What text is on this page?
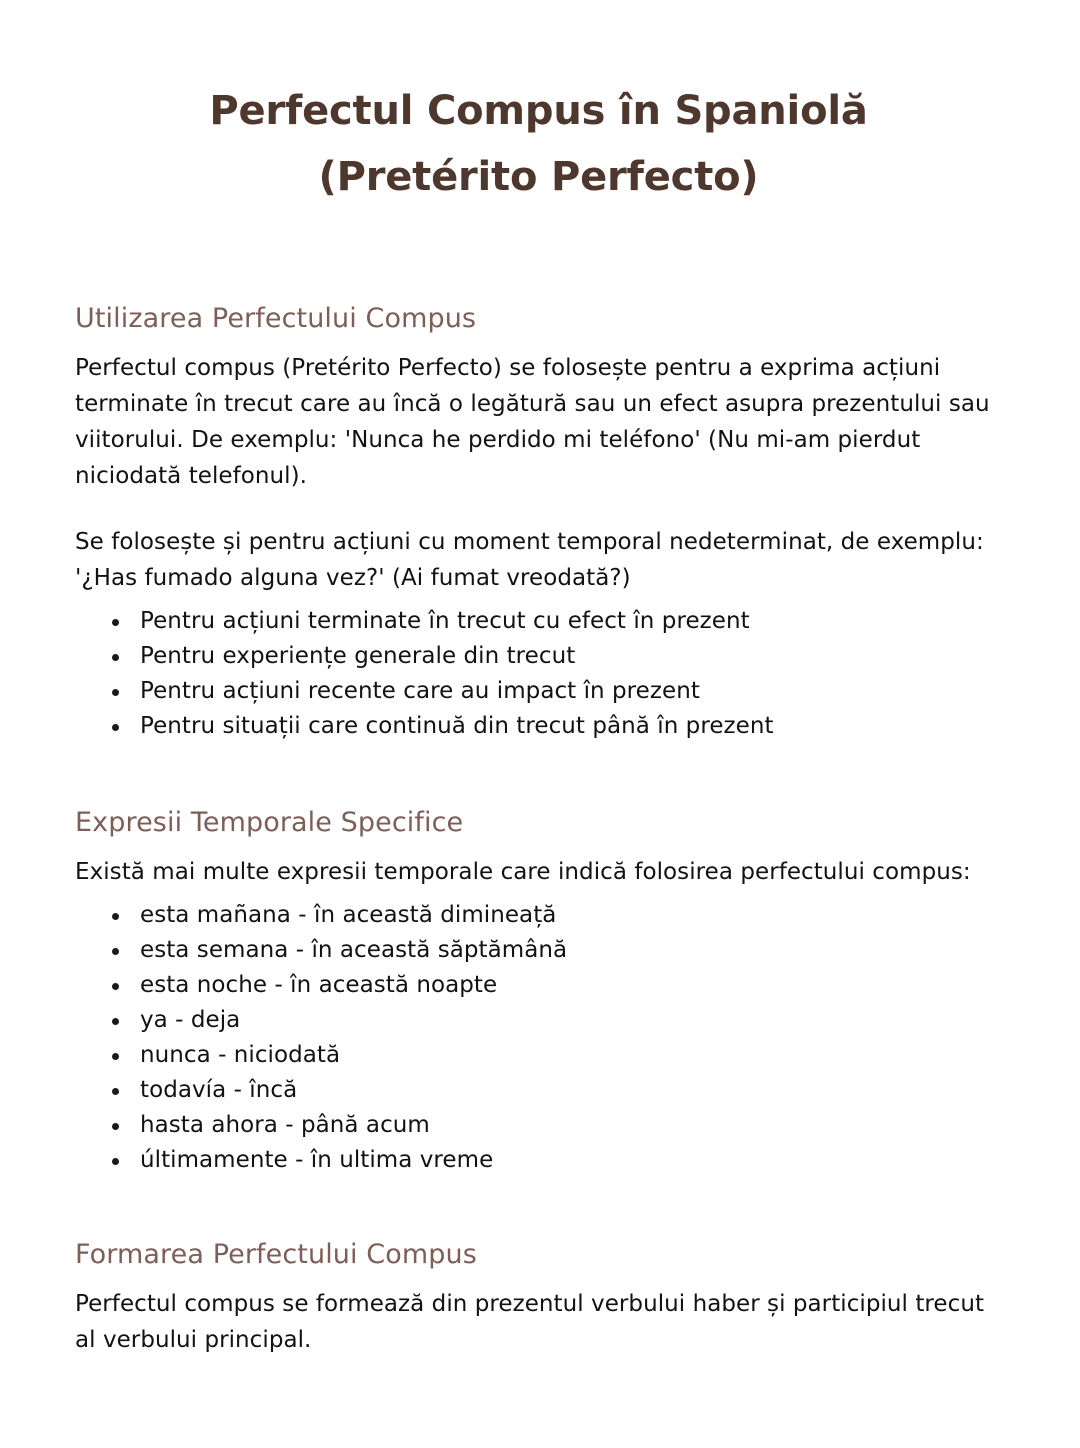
Perfectul Compus în Spaniolă (Pretérito Perfecto)
Utilizarea Perfectului Compus

Perfectul compus (Pretérito Perfecto) se folosește pentru a exprima acțiuni terminate în trecut care au încă o legătură sau un efect asupra prezentului sau viitorului. De exemplu: 'Nunca he perdido mi teléfono' (Nu mi-am pierdut niciodată telefonul).

Se folosește și pentru acțiuni cu moment temporal nedeterminat, de exemplu: '¿Has fumado alguna vez?' (Ai fumat vreodată?)

Pentru acțiuni terminate în trecut cu efect în prezent
Pentru experiențe generale din trecut
Pentru acțiuni recente care au impact în prezent
Pentru situații care continuă din trecut până în prezent
Expresii Temporale Specifice

Există mai multe expresii temporale care indică folosirea perfectului compus:

esta mañana - în această dimineață
esta semana - în această săptămână
esta noche - în această noapte
ya - deja
nunca - niciodată
todavía - încă
hasta ahora - până acum
últimamente - în ultima vreme
Formarea Perfectului Compus

Perfectul compus se formează din prezentul verbului haber și participiul trecut al verbului principal.
